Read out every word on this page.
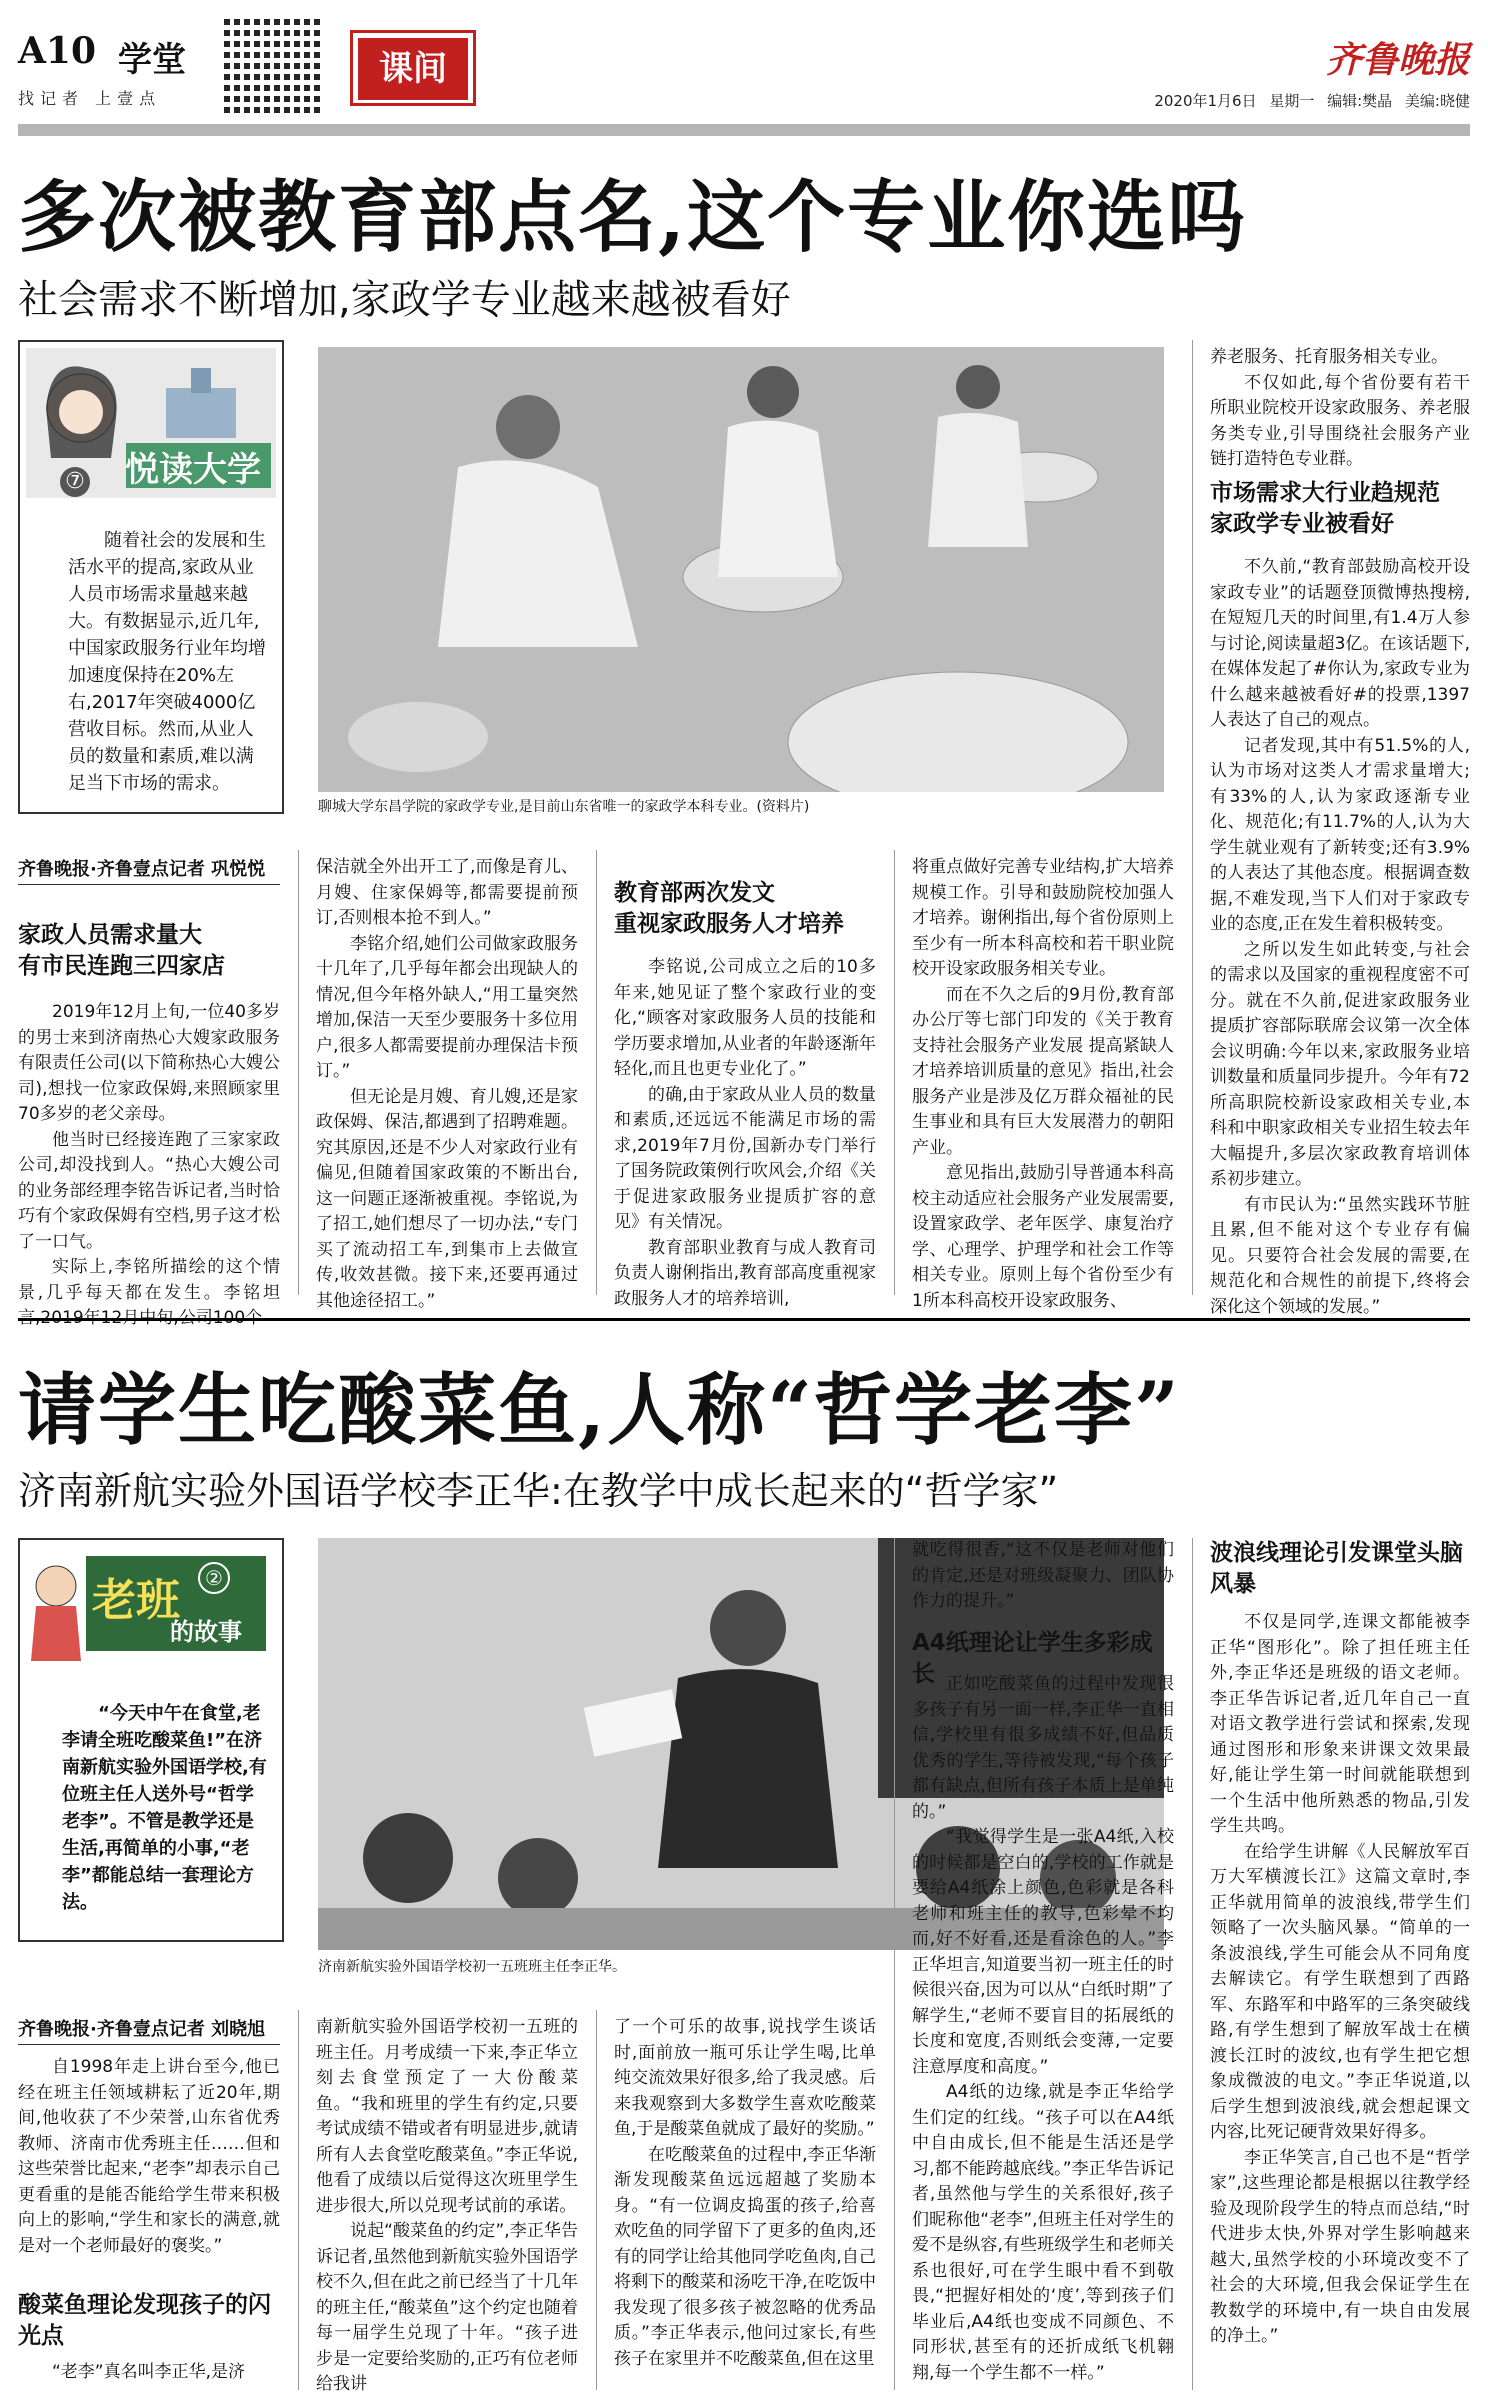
A10 学堂
找记者 上壹点
课间	齐鲁晚报
2020年1月6日 星期一 编辑:樊晶 美编:晓健
多次被教育部点名,这个专业你选吗
社会需求不断增加,家政学专业越来越被看好
⑦ 悦读大学

随着社会的发展和生活水平的提高,家政从业人员市场需求量越来越大。有数据显示,近几年,中国家政服务行业年均增加速度保持在20%左右,2017年突破4000亿营收目标。然而,从业人员的数量和素质,难以满足当下市场的需求。

聊城大学东昌学院的家政学专业,是目前山东省唯一的家政学本科专业。(资料片)
齐鲁晚报·齐鲁壹点记者 巩悦悦
家政人员需求量大
有市民连跑三四家店

2019年12月上旬,一位40多岁的男士来到济南热心大嫂家政服务有限责任公司(以下简称热心大嫂公司),想找一位家政保姆,来照顾家里70多岁的老父亲母。

他当时已经接连跑了三家家政公司,却没找到人。“热心大嫂公司的业务部经理李铭告诉记者,当时恰巧有个家政保姆有空档,男子这才松了一口气。

实际上,李铭所描绘的这个情景,几乎每天都在发生。李铭坦

保洁就全外出开工了,而像是育儿、月嫂、住家保姆等,都需要提前预订,否则根本抢不到人。”

李铭介绍,她们公司做家政服务十几年了,几乎每年都会出现缺人的情况,但今年格外缺人,“用工量突然增加,保洁一天至少要服务十多位用户,很多人都需要提前办理保洁卡预订。”

但无论是月嫂、育儿嫂,还是家政保姆、保洁,都遇到了招聘难题。究其原因,还是不少人对家政行业有偏见,但随着国家政策的不断出台,这一问题正逐渐被重视。李铭说,为了招工,她们想尽了一切办法,“专门买了流动招工车,到集市上去做宣传,收效甚微。接下来,还要再通过其他途径招工。”

教育部两次发文
重视家政服务人才培养

李铭说,公司成立之后的10多年来,她见证了整个家政行业的变化,“顾客对家政服务人员的技能和学历要求增加,从业者的年龄逐渐年轻化,而且也更专业化了。”

的确,由于家政从业人员的数量和素质,还远远不能满足市场的需求,2019年7月份,国新办专门举行了国务院政策例行吹风会,介绍《关于促进家政服务业提质扩容的意见》有关情况。

教育部职业教育与成人教育司负责人谢俐指出,教育部高度重视家政服务人才的培养培训,

将重点做好完善专业结构,扩大培养规模工作。引导和鼓励院校加强人才培养。谢俐指出,每个省份原则上至少有一所本科高校和若干职业院校开设家政服务相关专业。

而在不久之后的9月份,教育部办公厅等七部门印发的《关于教育支持社会服务产业发展 提高紧缺人才培养培训质量的意见》指出,社会服务产业是涉及亿万群众福祉的民生事业和具有巨大发展潜力的朝阳产业。

意见指出,鼓励引导普通本科高校主动适应社会服务产业发展需要,设置家政学、老年医学、康复治疗学、心理学、护理学和社会工作等相关专业。原则上每个省份至少有1所本科高校开设家政服务、

养老服务、托育服务相关专业。

不仅如此,每个省份要有若干所职业院校开设家政服务、养老服务类专业,引导围绕社会服务产业链打造特色专业群。

市场需求大行业趋规范
家政学专业被看好

不久前,“教育部鼓励高校开设家政专业”的话题登顶微博热搜榜,在短短几天的时间里,有1.4万人参与讨论,阅读量超3亿。在该话题下,在媒体发起了#你认为,家政专业为什么越来越被看好#的投票,1397人表达了自己的观点。

记者发现,其中有51.5%的人,认为市场对这类人才需求量增大;有33%的人,认为家政逐渐专业化、规范化;有11.7%的人,认为大学生就业观有了新转变;还有3.9%的人表达了其他态度。根据调查数据,不难发现,当下人们对于家政专业的态度,正在发生着积极转变。

之所以发生如此转变,与社会的需求以及国家的重视程度密不可分。就在不久前,促进家政服务业提质扩容部际联席会议第一次全体会议明确:今年以来,家政服务业培训数量和质量同步提升。今年有72所高职院校新设家政相关专业,本科和中职家政相关专业招生较去年大幅提升,多层次家政教育培训体系初步建立。

有市民认为:“虽然实践环节脏且累,但不能对这个专业存有偏见。只要符合社会发展的需要,在规范化和合规性的前提下,终将会深化这个领域的发展。”

请学生吃酸菜鱼,人称“哲学老李”
济南新航实验外国语学校李正华:在教学中成长起来的“哲学家”
老班	②
的故事

“今天中午在食堂,老李请全班吃酸菜鱼!”在济南新航实验外国语学校,有位班主任人送外号“哲学老李”。不管是教学还是生活,再简单的小事,“老李”都能总结一套理论方法。

济南新航实验外国语学校初一五班班主任李正华。
齐鲁晚报·齐鲁壹点记者 刘晓旭

自1998年走上讲台至今,他已经在班主任领域耕耘了近20年,期间,他收获了不少荣誉,山东省优秀教师、济南市优秀班主任……但和这些荣誉比起来,“老李”却表示自己更看重的是能否能给学生带来积极向上的影响,“学生和家长的满意,就是对一个老师最好的褒奖。”

酸菜鱼理论发现孩子的闪光点

“老李”真名叫李正华,是济

南新航实验外国语学校初一五班的班主任。月考成绩一下来,李正华立刻去食堂预定了一大份酸菜鱼。“我和班里的学生有约定,只要考试成绩不错或者有明显进步,就请所有人去食堂吃酸菜鱼。”李正华说,他看了成绩以后觉得这次班里学生进步很大,所以兑现考试前的承诺。

说起“酸菜鱼的约定”,李正华告诉记者,虽然他到新航实验外国语学校不久,但在此之前已经当了十几年的班主任,“酸菜鱼”这个约定也随着每一届学生兑现了十年。“孩子进步是一定要给奖励的,正巧有位老师给我讲

了一个可乐的故事,说找学生谈话时,面前放一瓶可乐让学生喝,比单纯交流效果好很多,给了我灵感。后来我观察到大多数学生喜欢吃酸菜鱼,于是酸菜鱼就成了最好的奖励。”

在吃酸菜鱼的过程中,李正华渐渐发现酸菜鱼远远超越了奖励本身。“有一位调皮捣蛋的孩子,给喜欢吃鱼的同学留下了更多的鱼肉,还有的同学让给其他同学吃鱼肉,自己将剩下的酸菜和汤吃干净,在吃饭中我发现了很多孩子被忽略的优秀品质。”李正华表示,他问过家长,有些孩子在家里并不吃酸菜鱼,但在这里

就吃得很香,“这不仅是老师对他们的肯定,还是对班级凝聚力、团队协作力的提升。”

A4纸理论让学生多彩成长 正如吃酸菜鱼的过程中发现很多孩子有另一面一样,李正华一直相信,学校里有很多成绩不好,但品质优秀的学生,等待被发现,“每个孩子都有缺点,但所有孩子本质上是单纯的。”

“我觉得学生是一张A4纸,入校的时候都是空白的,学校的工作就是要给A4纸涂上颜色,色彩就是各科老师和班主任的教导,色彩晕不均而,好不好看,还是看涂色的人。”李正华坦言,知道要当初一班主任的时候很兴奋,因为可以从“白纸时期”了解学生,“老师不要盲目的拓展纸的长度和宽度,否则纸会变薄,一定要注意厚度和高度。”

A4纸的边缘,就是李正华给学生们定的红线。“孩子可以在A4纸中自由成长,但不能是生活还是学习,都不能跨越底线。”李正华告诉记者,虽然他与学生的关系很好,孩子们昵称他“老李”,但班主任对学生的爱不是纵容,有些班级学生和老师关系也很好,可在学生眼中看不到敬畏,“把握好相处的‘度’,等到孩子们毕业后,A4纸也变成不同颜色、不同形状,甚至有的还折成纸飞机翱翔,每一个学生都不一样。”

波浪线理论引发课堂头脑风暴

不仅是同学,连课文都能被李正华“图形化”。除了担任班主任外,李正华还是班级的语文老师。李正华告诉记者,近几年自己一直对语文教学进行尝试和探索,发现通过图形和形象来讲课文效果最好,能让学生第一时间就能联想到一个生活中他所熟悉的物品,引发学生共鸣。

在给学生讲解《人民解放军百万大军横渡长江》这篇文章时,李正华就用简单的波浪线,带学生们领略了一次头脑风暴。“简单的一条波浪线,学生可能会从不同角度去解读它。有学生联想到了西路军、东路军和中路军的三条突破线路,有学生想到了解放军战士在横渡长江时的波纹,也有学生把它想象成微波的电文。”李正华说道,以后学生想到波浪线,就会想起课文内容,比死记硬背效果好得多。

李正华笑言,自己也不是“哲学家”,这些理论都是根据以往教学经验及现阶段学生的特点而总结,“时代进步太快,外界对学生影响越来越大,虽然学校的小环境改变不了社会的大环境,但我会保证学生在教数学的环境中,有一块自由发展的净土。”
